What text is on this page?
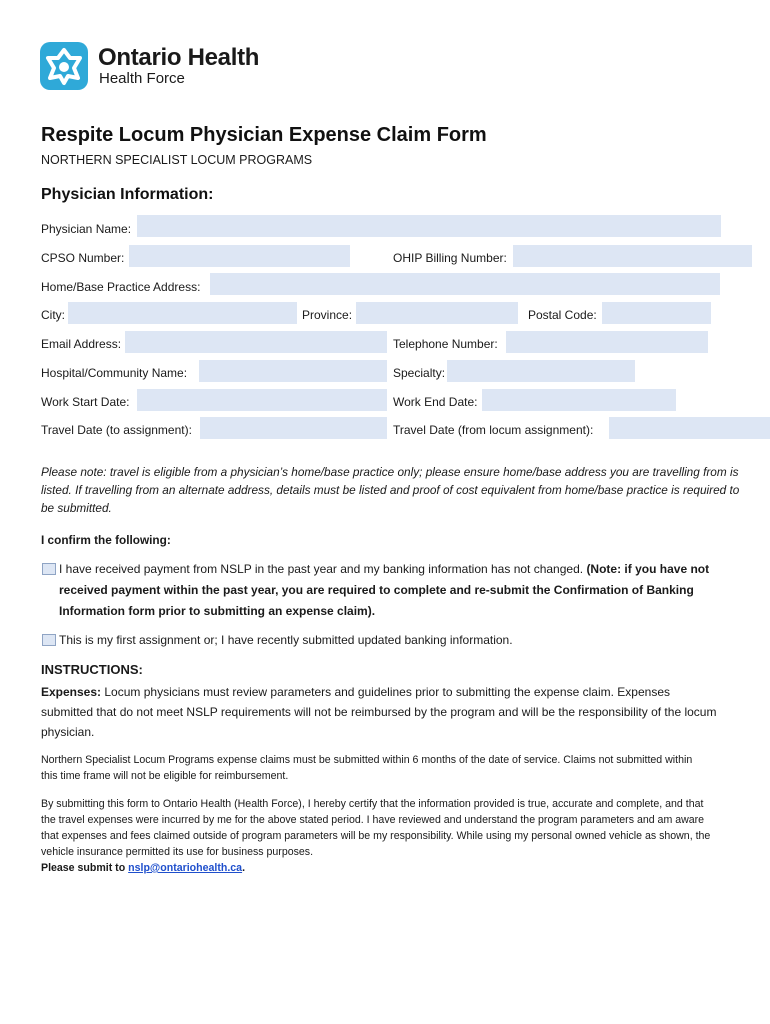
Ontario Health
Health Force
Respite Locum Physician Expense Claim Form
NORTHERN SPECIALIST LOCUM PROGRAMS
Physician Information:
Physician Name:
CPSO Number:	OHIP Billing Number:
Home/Base Practice Address:
City:	Province:	Postal Code:
Email Address:	Telephone Number:
Hospital/Community Name:	Specialty:
Work Start Date:	Work End Date:
Travel Date (to assignment):	Travel Date (from locum assignment):
Please note: travel is eligible from a physician’s home/base practice only; please ensure home/base address you are travelling from is listed. If travelling from an alternate address, details must be listed and proof of cost equivalent from home/base practice is required to be submitted.
I confirm the following:
I have received payment from NSLP in the past year and my banking information has not changed. (Note: if you have not received payment within the past year, you are required to complete and re-submit the Confirmation of Banking Information form prior to submitting an expense claim).
This is my first assignment or; I have recently submitted updated banking information.
INSTRUCTIONS:
Expenses: Locum physicians must review parameters and guidelines prior to submitting the expense claim. Expenses submitted that do not meet NSLP requirements will not be reimbursed by the program and will be the responsibility of the locum physician.
Northern Specialist Locum Programs expense claims must be submitted within 6 months of the date of service. Claims not submitted within this time frame will not be eligible for reimbursement.
By submitting this form to Ontario Health (Health Force), I hereby certify that the information provided is true, accurate and complete, and that the travel expenses were incurred by me for the above stated period. I have reviewed and understand the program parameters and am aware that expenses and fees claimed outside of program parameters will be my responsibility. While using my personal owned vehicle as shown, the vehicle insurance permitted its use for business purposes.
Please submit to nslp@ontariohealth.ca.
